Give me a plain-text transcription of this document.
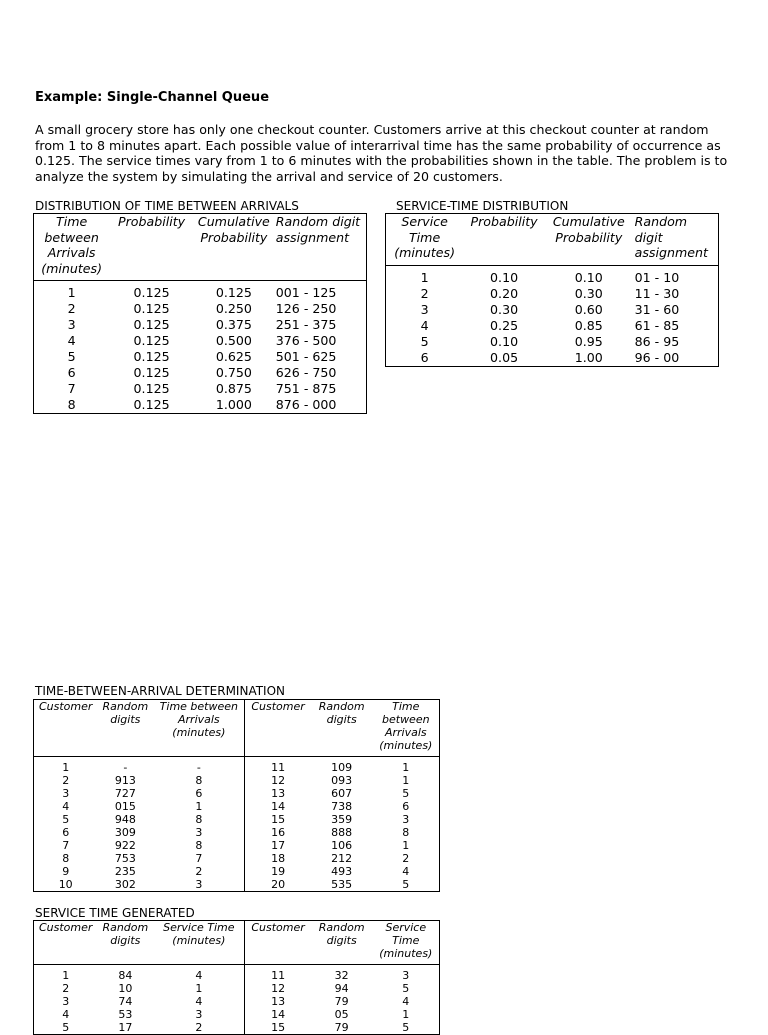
Example: Single-Channel Queue
A small grocery store has only one checkout counter. Customers arrive at this checkout counter at random from 1 to 8 minutes apart. Each possible value of interarrival time has the same probability of occurrence as 0.125. The service times vary from 1 to 6 minutes with the probabilities shown in the table. The problem is to analyze the system by simulating the arrival and service of 20 customers.
DISTRIBUTION OF TIME BETWEEN ARRIVALS
Time between Arrivals (minutes)	Probability	Cumulative Probability	Random digit assignment
1	0.125	0.125	001 - 125
2	0.125	0.250	126 - 250
3	0.125	0.375	251 - 375
4	0.125	0.500	376 - 500
5	0.125	0.625	501 - 625
6	0.125	0.750	626 - 750
7	0.125	0.875	751 - 875
8	0.125	1.000	876 - 000
SERVICE-TIME DISTRIBUTION
Service Time (minutes)	Probability	Cumulative Probability	Random digit assignment
1	0.10	0.10	01 - 10
2	0.20	0.30	11 - 30
3	0.30	0.60	31 - 60
4	0.25	0.85	61 - 85
5	0.10	0.95	86 - 95
6	0.05	1.00	96 - 00
TIME-BETWEEN-ARRIVAL DETERMINATION
Customer	Random digits	Time between Arrivals (minutes)	Customer	Random digits	Time between Arrivals (minutes)
1	-	-	11	109	1
2	913	8	12	093	1
3	727	6	13	607	5
4	015	1	14	738	6
5	948	8	15	359	3
6	309	3	16	888	8
7	922	8	17	106	1
8	753	7	18	212	2
9	235	2	19	493	4
10	302	3	20	535	5
SERVICE TIME GENERATED
Customer	Random digits	Service Time (minutes)	Customer	Random digits	Service Time (minutes)
1	84	4	11	32	3
2	10	1	12	94	5
3	74	4	13	79	4
4	53	3	14	05	1
5	17	2	15	79	5
